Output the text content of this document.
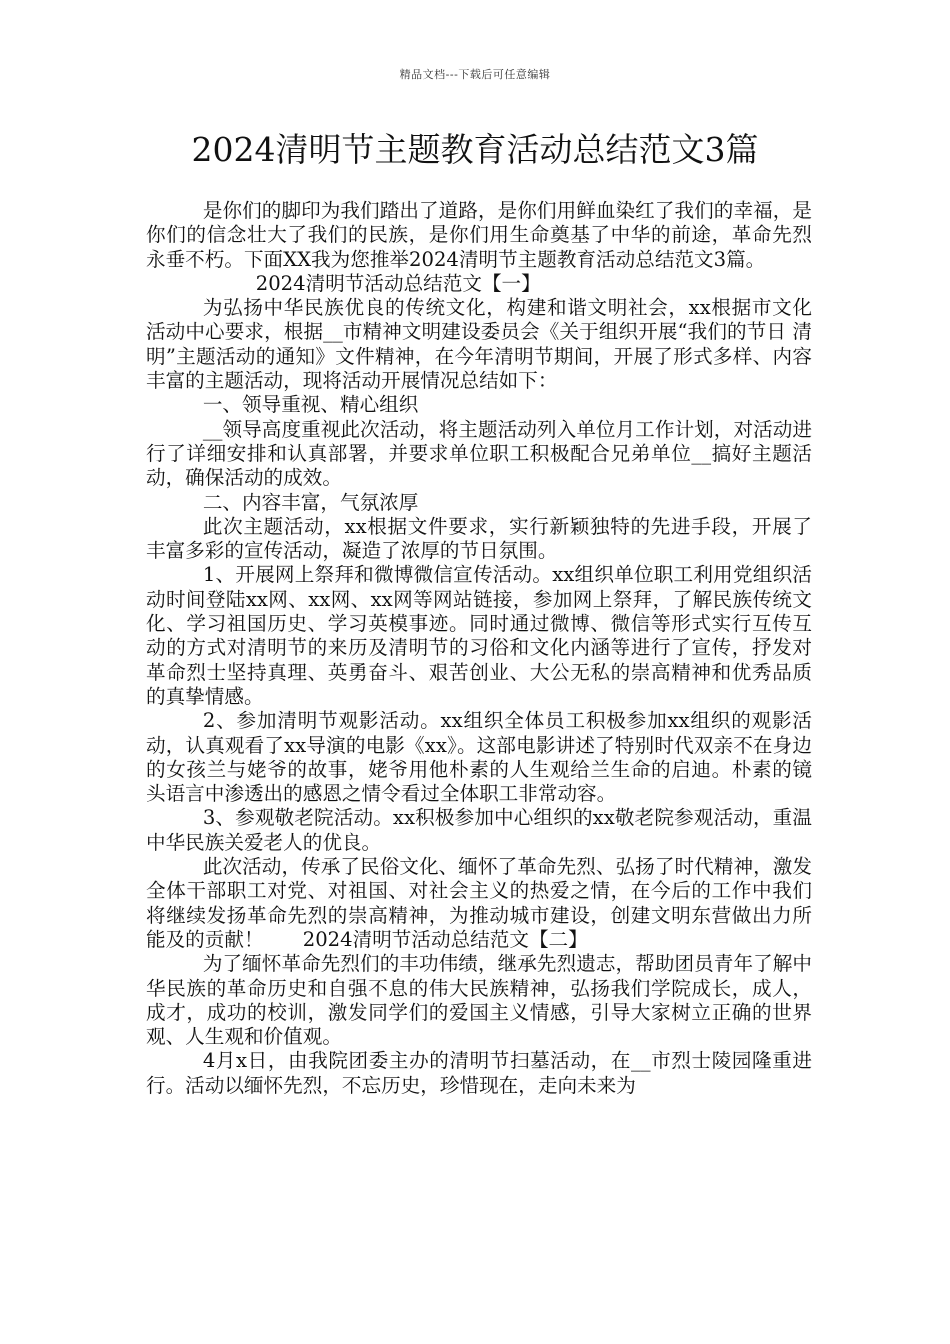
精品文档---下载后可任意编辑
2024清明节主题教育活动总结范文3篇

是你们的脚印为我们踏出了道路，是你们用鲜血染红了我们的幸福，是你们的信念壮大了我们的民族，是你们用生命奠基了中华的前途，革命先烈永垂不朽。下面XX我为您推举2024清明节主题教育活动总结范文3篇。

2024清明节活动总结范文【一】

为弘扬中华民族优良的传统文化，构建和谐文明社会，xx根据市文化活动中心要求，根据__市精神文明建设委员会《关于组织开展“我们的节日 清明”主题活动的通知》文件精神，在今年清明节期间，开展了形式多样、内容丰富的主题活动，现将活动开展情况总结如下：

一、领导重视、精心组织

__领导高度重视此次活动，将主题活动列入单位月工作计划，对活动进行了详细安排和认真部署，并要求单位职工积极配合兄弟单位__搞好主题活动，确保活动的成效。

二、内容丰富，气氛浓厚

此次主题活动，xx根据文件要求，实行新颖独特的先进手段，开展了丰富多彩的宣传活动，凝造了浓厚的节日氛围。

1、开展网上祭拜和微博微信宣传活动。xx组织单位职工利用党组织活动时间登陆xx网、xx网、xx网等网站链接，参加网上祭拜，了解民族传统文化、学习祖国历史、学习英模事迹。同时通过微博、微信等形式实行互传互动的方式对清明节的来历及清明节的习俗和文化内涵等进行了宣传，抒发对革命烈士坚持真理、英勇奋斗、艰苦创业、大公无私的崇高精神和优秀品质的真挚情感。

2、参加清明节观影活动。xx组织全体员工积极参加xx组织的观影活动，认真观看了xx导演的电影《xx》。这部电影讲述了特别时代双亲不在身边的女孩兰与姥爷的故事，姥爷用他朴素的人生观给兰生命的启迪。朴素的镜头语言中渗透出的感恩之情令看过全体职工非常动容。

3、参观敬老院活动。xx积极参加中心组织的xx敬老院参观活动，重温中华民族关爱老人的优良。

此次活动，传承了民俗文化、缅怀了革命先烈、弘扬了时代精神，激发全体干部职工对党、对祖国、对社会主义的热爱之情，在今后的工作中我们将继续发扬革命先烈的崇高精神，为推动城市建设，创建文明东营做出力所能及的贡献！　　2024清明节活动总结范文【二】

为了缅怀革命先烈们的丰功伟绩，继承先烈遗志，帮助团员青年了解中华民族的革命历史和自强不息的伟大民族精神，弘扬我们学院成长，成人，成才，成功的校训，激发同学们的爱国主义情感，引导大家树立正确的世界观、人生观和价值观。

4月x日，由我院团委主办的清明节扫墓活动，在__市烈士陵园隆重进行。活动以缅怀先烈，不忘历史，珍惜现在，走向未来为
